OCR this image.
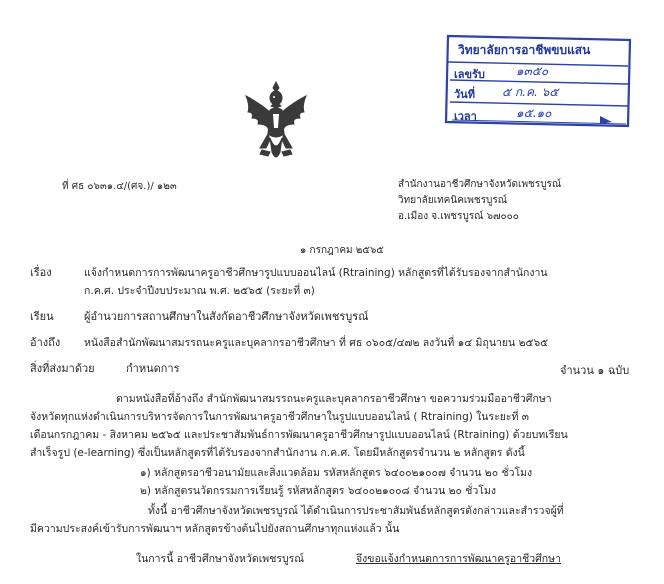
วิทยาลัยการอาชีพขบแสน
เลขรับ	๑๓๕๐
วันที่ ๕ ก.ค. ๖๕
เวลา	๑๕.๑๐
ที่ ศธ ๐๖๓๑.๔/(ศจ.)/ ๑๒๓	สำนักงานอาชีวศึกษาจังหวัดเพชรบูรณ์
วิทยาลัยเทคนิคเพชรบูรณ์
อ.เมือง จ.เพชรบูรณ์ ๖๗๐๐๐
๑ กรกฎาคม ๒๕๖๕
เรื่อง	แจ้งกำหนดการการพัฒนาครูอาชีวศึกษารูปแบบออนไลน์ (Rtraining) หลักสูตรที่ได้รับรองจากสำนักงาน
ก.ค.ศ. ประจำปีงบประมาณ พ.ศ. ๒๕๖๕ (ระยะที่ ๓)
เรียน	ผู้อำนวยการสถานศึกษาในสังกัดอาชีวศึกษาจังหวัดเพชรบูรณ์
อ้างถึง หนังสือสำนักพัฒนาสมรรถนะครูและบุคลากรอาชีวศึกษา ที่ ศธ ๐๖๐๕/๔๗๒ ลงวันที่ ๑๔ มิถุนายน ๒๕๖๕
สิ่งที่ส่งมาด้วย	กำหนดการ	จำนวน ๑ ฉบับ
ตามหนังสือที่อ้างถึง สำนักพัฒนาสมรรถนะครูและบุคลากรอาชีวศึกษา ขอความร่วมมืออาชีวศึกษา
จังหวัดทุกแห่งดำเนินการบริหารจัดการในการพัฒนาครูอาชีวศึกษาในรูปแบบออนไลน์ ( Rtraining) ในระยะที่ ๓
เดือนกรกฎาคม - สิงหาคม ๒๕๖๕ และประชาสัมพันธ์การพัฒนาครูอาชีวศึกษารูปแบบออนไลน์ (Rtraining) ด้วยบทเรียน
สำเร็จรูป (e-learning) ซึ่งเป็นหลักสูตรที่ได้รับรองจากสำนักงาน ก.ค.ศ. โดยมีหลักสูตรจำนวน ๒ หลักสูตร ดังนี้
๑) หลักสูตรอาชีวอนามัยและสิ่งแวดล้อม รหัสหลักสูตร ๖๔๐๐๒๑๐๐๗ จำนวน ๒๐ ชั่วโมง
๒) หลักสูตรนวัตกรรมการเรียนรู้ รหัสหลักสูตร ๖๔๐๐๒๑๐๐๘ จำนวน ๒๐ ชั่วโมง
ทั้งนี้ อาชีวศึกษาจังหวัดเพชรบูรณ์ ได้ดำเนินการประชาสัมพันธ์หลักสูตรดังกล่าวและสำรวจผู้ที่
มีความประสงค์เข้ารับการพัฒนาฯ หลักสูตรข้างต้นไปยังสถานศึกษาทุกแห่งแล้ว นั้น
ในการนี้ อาชีวศึกษาจังหวัดเพชรบูรณ์	จึงขอแจ้งกำหนดการการพัฒนาครูอาชีวศึกษา
